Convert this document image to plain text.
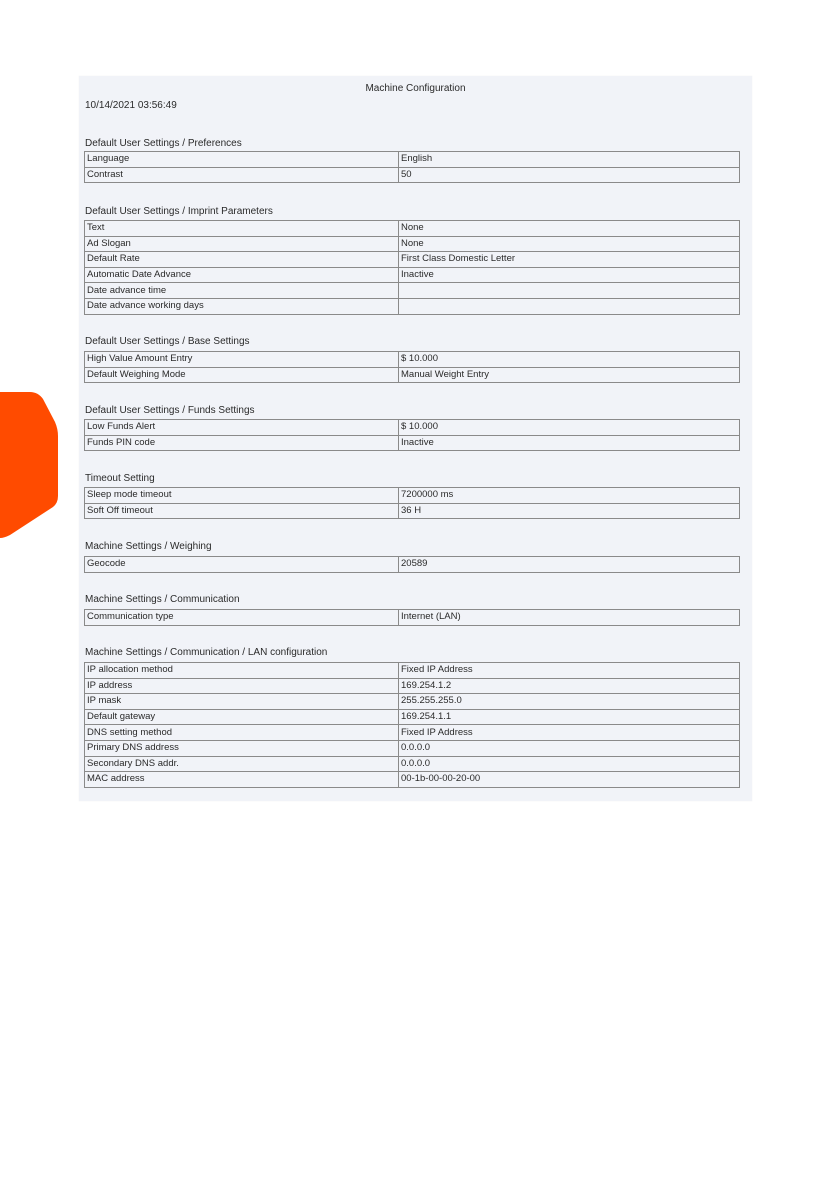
Machine Configuration
10/14/2021 03:56:49
Default User Settings / Preferences
Language	English
Contrast	50
Default User Settings / Imprint Parameters
Text	None
Ad Slogan	None
Default Rate	First Class Domestic Letter
Automatic Date Advance	Inactive
Date advance time	
Date advance working days	
Default User Settings / Base Settings
High Value Amount Entry	$ 10.000
Default Weighing Mode	Manual Weight Entry
Default User Settings / Funds Settings
Low Funds Alert	$ 10.000
Funds PIN code	Inactive
Timeout Setting
Sleep mode timeout	7200000 ms
Soft Off timeout	36 H
Machine Settings / Weighing
Geocode	20589
Machine Settings / Communication
Communication type	Internet (LAN)
Machine Settings / Communication / LAN configuration
IP allocation method	Fixed IP Address
IP address	169.254.1.2
IP mask	255.255.255.0
Default gateway	169.254.1.1
DNS setting method	Fixed IP Address
Primary DNS address	0.0.0.0
Secondary DNS addr.	0.0.0.0
MAC address	00-1b-00-00-20-00
